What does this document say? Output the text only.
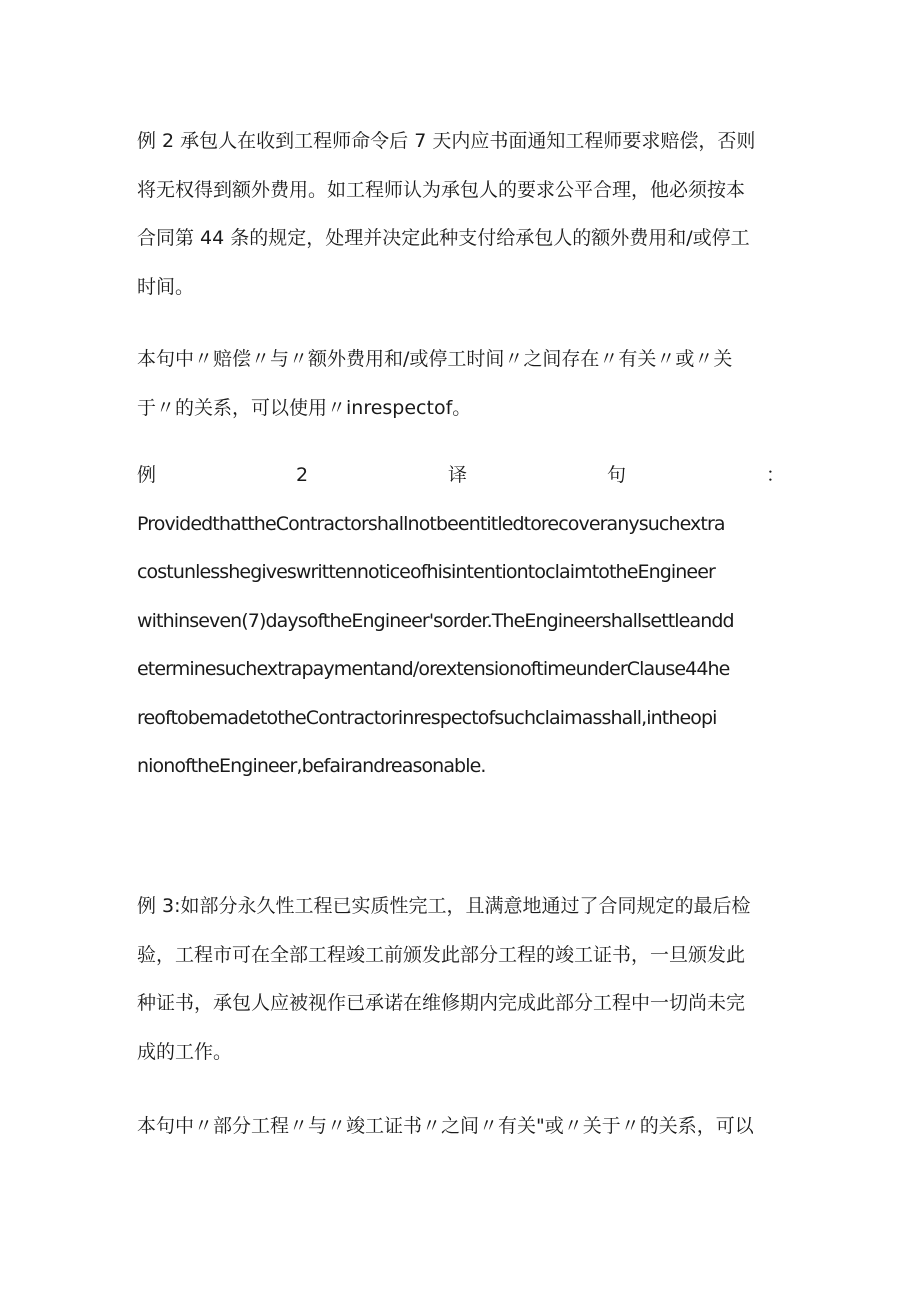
例 2 承包人在收到工程师命令后 7 天内应书面通知工程师要求赔偿，否则
将无权得到额外费用。如工程师认为承包人的要求公平合理，他必须按本
合同第 44 条的规定，处理并决定此种支付给承包人的额外费用和/或停工
时间。
本句中〃赔偿〃与〃额外费用和/或停工时间〃之间存在〃有关〃或〃关
于〃的关系，可以使用〃inrespectof。
例	2	译	句	：
ProvidedthattheContractorshallnotbeentitledtorecoveranysuchextra
costunlesshegiveswrittennoticeofhisintentiontoclaimtotheEngineer
withinseven(7)daysoftheEngineer'sorder.TheEngineershallsettleandd
eterminesuchextrapaymentand/orextensionoftimeunderClause44he
reoftobemadetotheContractorinrespectofsuchclaimasshall,intheopi
nionoftheEngineer,befairandreasonable.
例 3:如部分永久性工程已实质性完工，且满意地通过了合同规定的最后检
验，工程市可在全部工程竣工前颁发此部分工程的竣工证书，一旦颁发此
种证书，承包人应被视作已承诺在维修期内完成此部分工程中一切尚未完
成的工作。
本句中〃部分工程〃与〃竣工证书〃之间〃有关"或〃关于〃的关系，可以
